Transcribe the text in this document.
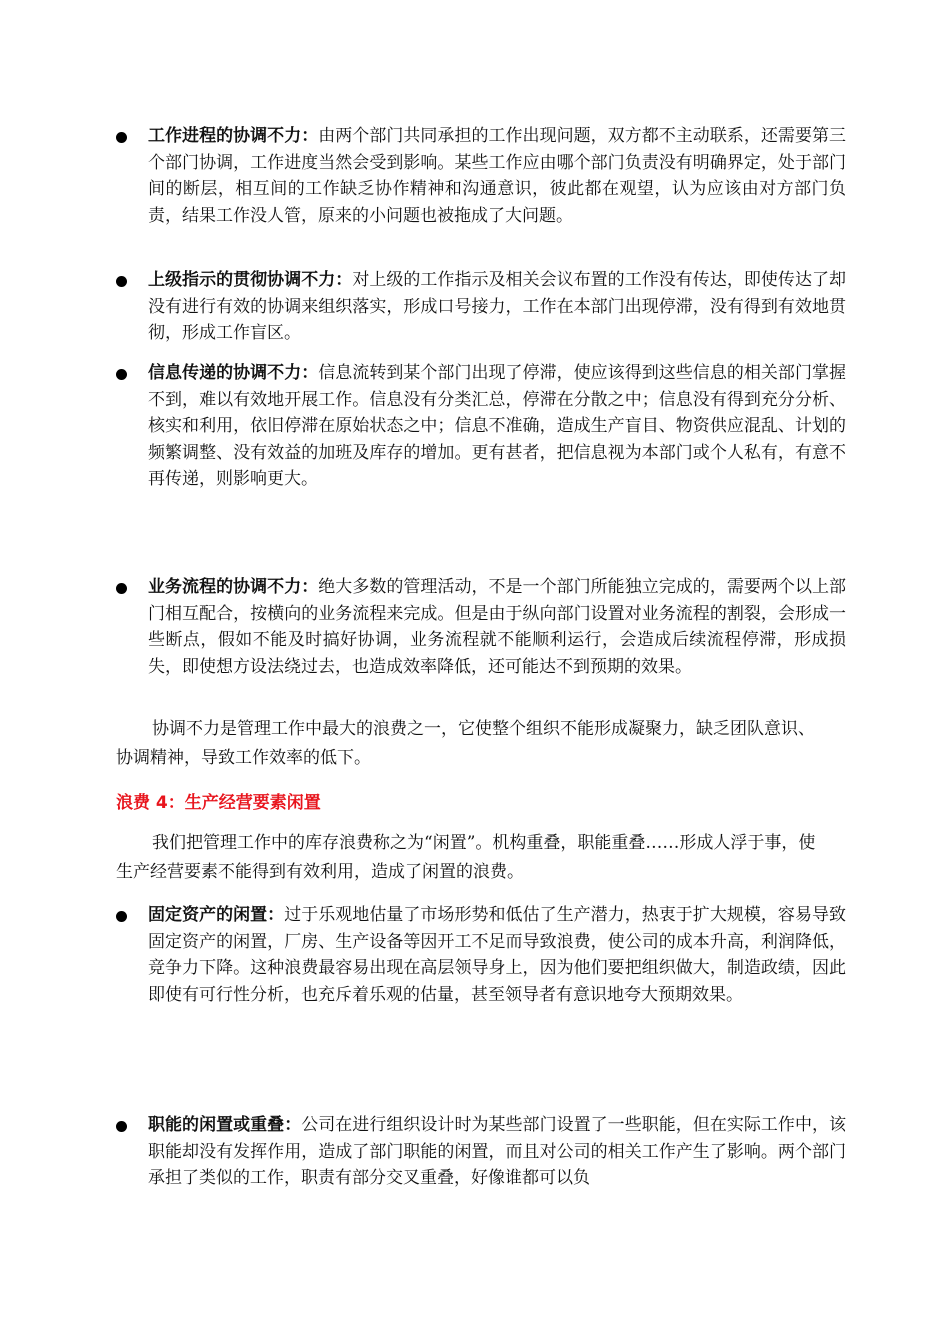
工作进程的协调不力：由两个部门共同承担的工作出现问题，双方都不主动联系，还需要第三个部门协调，工作进度当然会受到影响。某些工作应由哪个部门负责没有明确界定，处于部门间的断层，相互间的工作缺乏协作精神和沟通意识，彼此都在观望，认为应该由对方部门负责，结果工作没人管，原来的小问题也被拖成了大问题。
上级指示的贯彻协调不力：对上级的工作指示及相关会议布置的工作没有传达，即使传达了却没有进行有效的协调来组织落实，形成口号接力，工作在本部门出现停滞，没有得到有效地贯彻，形成工作盲区。
信息传递的协调不力：信息流转到某个部门出现了停滞，使应该得到这些信息的相关部门掌握不到，难以有效地开展工作。信息没有分类汇总，停滞在分散之中；信息没有得到充分分析、核实和利用，依旧停滞在原始状态之中；信息不准确，造成生产盲目、物资供应混乱、计划的频繁调整、没有效益的加班及库存的增加。更有甚者，把信息视为本部门或个人私有，有意不再传递，则影响更大。
业务流程的协调不力：绝大多数的管理活动，不是一个部门所能独立完成的，需要两个以上部门相互配合，按横向的业务流程来完成。但是由于纵向部门设置对业务流程的割裂，会形成一些断点，假如不能及时搞好协调，业务流程就不能顺利运行，会造成后续流程停滞，形成损失，即使想方设法绕过去，也造成效率降低，还可能达不到预期的效果。

协调不力是管理工作中最大的浪费之一，它使整个组织不能形成凝聚力，缺乏团队意识、协调精神，导致工作效率的低下。

浪费 4：生产经营要素闲置

我们把管理工作中的库存浪费称之为“闲置”。机构重叠，职能重叠……形成人浮于事，使生产经营要素不能得到有效利用，造成了闲置的浪费。

固定资产的闲置：过于乐观地估量了市场形势和低估了生产潜力，热衷于扩大规模，容易导致固定资产的闲置，厂房、生产设备等因开工不足而导致浪费，使公司的成本升高，利润降低，竞争力下降。这种浪费最容易出现在高层领导身上，因为他们要把组织做大，制造政绩，因此即使有可行性分析，也充斥着乐观的估量，甚至领导者有意识地夸大预期效果。
职能的闲置或重叠：公司在进行组织设计时为某些部门设置了一些职能，但在实际工作中，该职能却没有发挥作用，造成了部门职能的闲置，而且对公司的相关工作产生了影响。两个部门承担了类似的工作，职责有部分交叉重叠，好像谁都可以负
